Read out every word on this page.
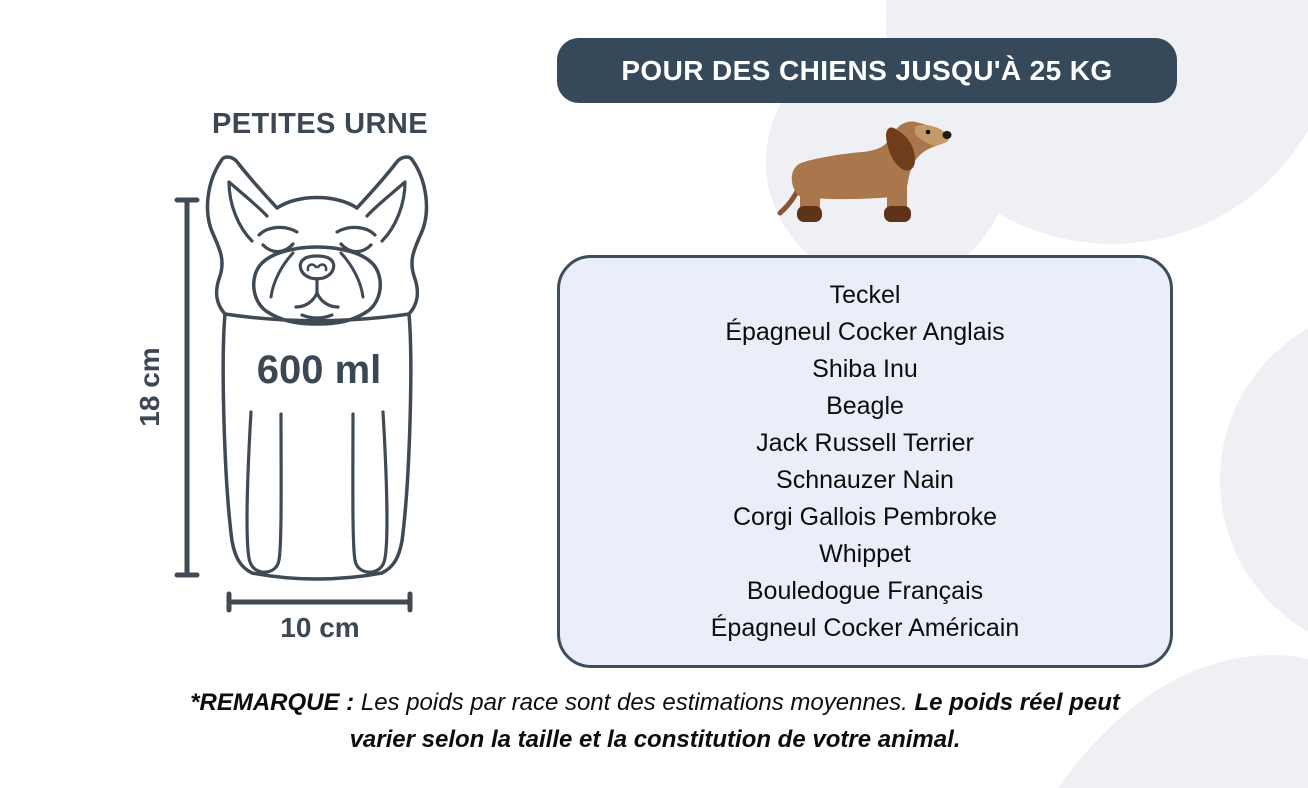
POUR DES CHIENS JUSQU'À 25 KG
PETITES URNE
600 ml
18 cm
10 cm
Teckel
Épagneul Cocker Anglais
Shiba Inu
Beagle
Jack Russell Terrier
Schnauzer Nain
Corgi Gallois Pembroke
Whippet
Bouledogue Français
Épagneul Cocker Américain

*REMARQUE : Les poids par race sont des estimations moyennes. Le poids réel peut varier selon la taille et la constitution de votre animal.
